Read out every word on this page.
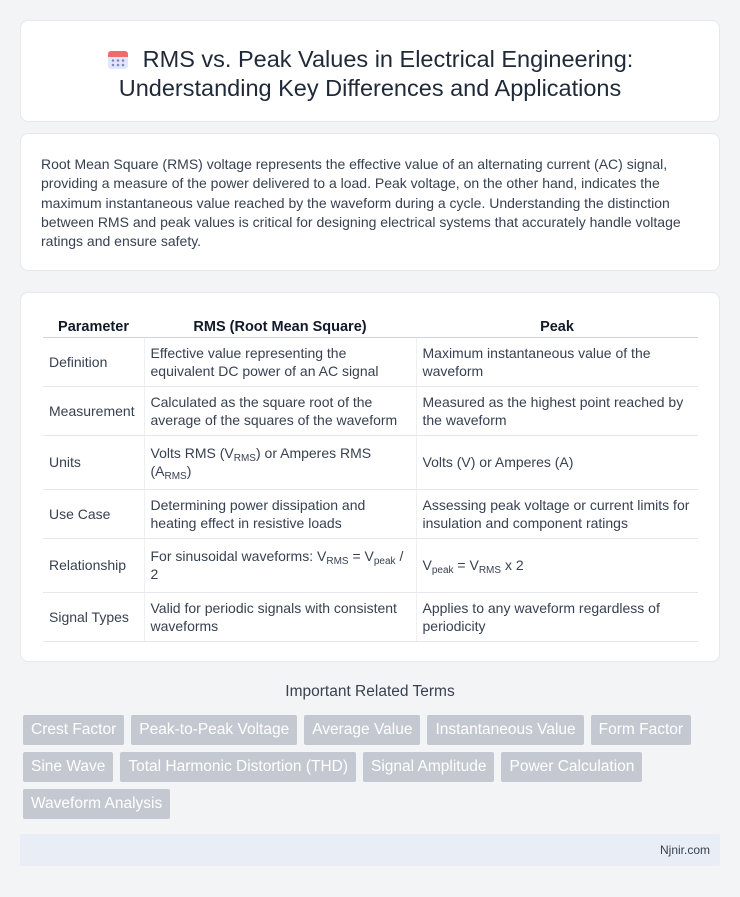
RMS vs. Peak Values in Electrical Engineering:
Understanding Key Differences and Applications

Root Mean Square (RMS) voltage represents the effective value of an alternating current (AC) signal, providing a measure of the power delivered to a load. Peak voltage, on the other hand, indicates the maximum instantaneous value reached by the waveform during a cycle. Understanding the distinction between RMS and peak values is critical for designing electrical systems that accurately handle voltage ratings and ensure safety.

Parameter	RMS (Root Mean Square)	Peak
Definition	Effective value representing the equivalent DC power of an AC signal	Maximum instantaneous value of the waveform
Measurement	Calculated as the square root of the average of the squares of the waveform	Measured as the highest point reached by the waveform
Units	Volts RMS $(V_{RMS})$ or Amperes RMS $(A_{RMS})$	Volts (V) or Amperes (A)
Use Case	Determining power dissipation and heating effect in resistive loads	Assessing peak voltage or current limits for insulation and component ratings
Relationship	For sinusoidal waveforms: $V_{RMS} = V_{peak} / 2$	$V_{peak} = V_{RMS}$ x 2
Signal Types	Valid for periodic signals with consistent waveforms	Applies to any waveform regardless of periodicity
Important Related Terms
Crest Factor	Peak-to-Peak Voltage	Average Value	Instantaneous Value	Form Factor
Sine Wave	Total Harmonic Distortion (THD)	Signal Amplitude	Power Calculation
Waveform Analysis
Njnir.com
